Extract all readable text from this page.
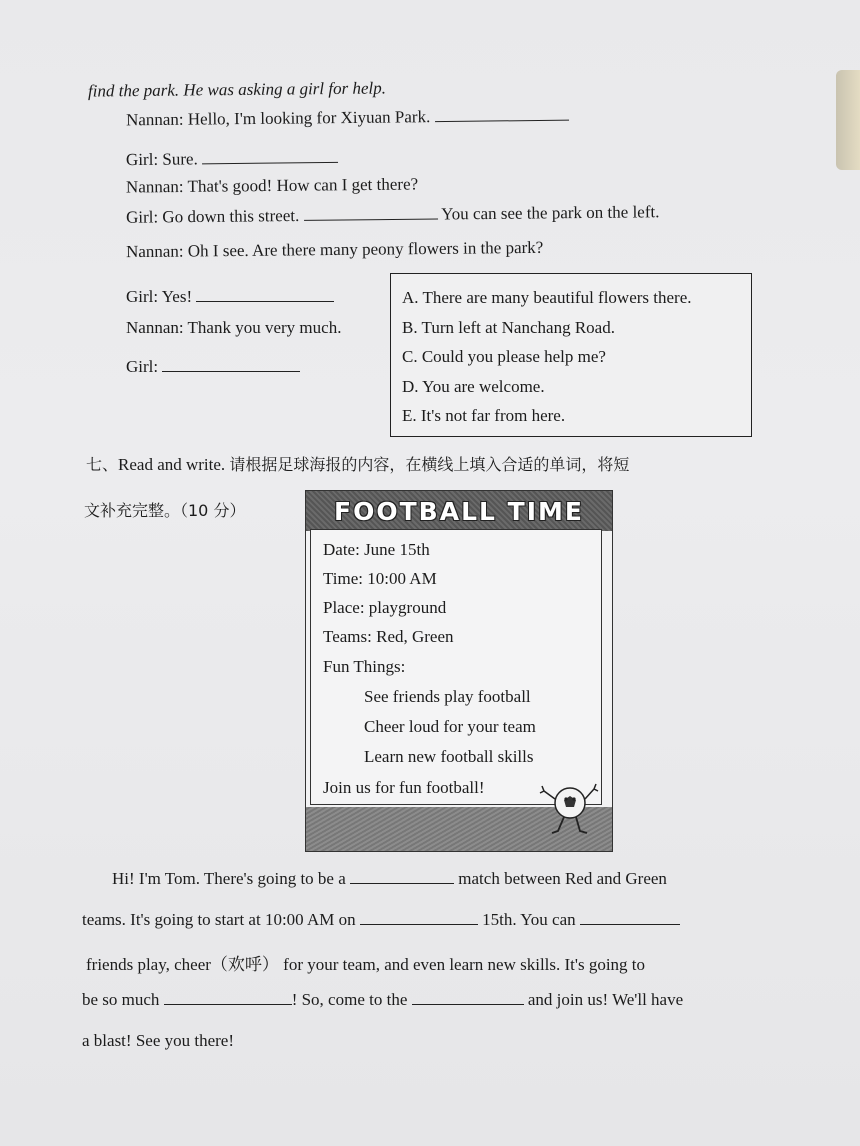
find the park. He was asking a girl for help.
Nannan: Hello, I'm looking for Xiyuan Park.
Girl: Sure.
Nannan: That's good! How can I get there?
Girl: Go down this street.	You can see the park on the left.
Nannan: Oh I see. Are there many peony flowers in the park?
Girl: Yes!
Nannan: Thank you very much.
Girl:
A. There are many beautiful flowers there.
B. Turn left at Nanchang Road.
C. Could you please help me?
D. You are welcome.
E. It's not far from here.
七、Read and write. 请根据足球海报的内容，在横线上填入合适的单词，将短
文补充完整。（10 分）	FOOTBALL TIME
Date: June 15th
Time: 10:00 AM
Place: playground
Teams: Red, Green
Fun Things:
See friends play football
Cheer loud for your team
Learn new football skills
Join us for fun football!
Hi! I'm Tom. There's going to be a	match between Red and Green
teams. It's going to start at 10:00 AM on	15th. You can
friends play, cheer（欢呼） for your team, and even learn new skills. It's going to
be so much	! So, come to the	and join us! We'll have
a blast! See you there!
